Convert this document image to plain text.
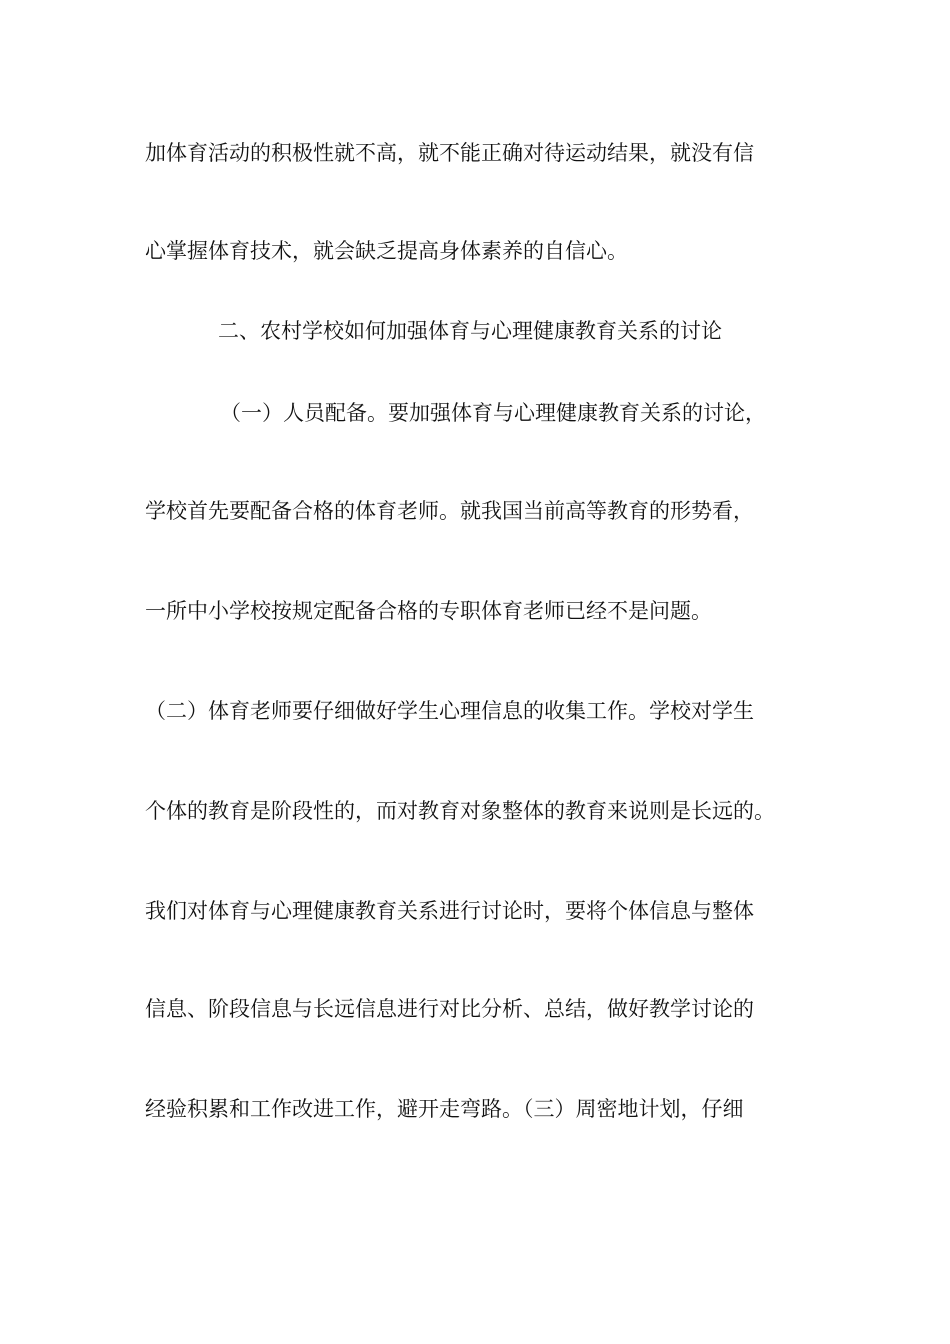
加体育活动的积极性就不高，就不能正确对待运动结果，就没有信
心掌握体育技术，就会缺乏提高身体素养的自信心。
二、农村学校如何加强体育与心理健康教育关系的讨论
（一）人员配备。要加强体育与心理健康教育关系的讨论，
学校首先要配备合格的体育老师。就我国当前高等教育的形势看，
一所中小学校按规定配备合格的专职体育老师已经不是问题。
（二）体育老师要仔细做好学生心理信息的收集工作。学校对学生
个体的教育是阶段性的，而对教育对象整体的教育来说则是长远的。
我们对体育与心理健康教育关系进行讨论时，要将个体信息与整体
信息、阶段信息与长远信息进行对比分析、总结，做好教学讨论的
经验积累和工作改进工作，避开走弯路。（三）周密地计划，仔细
